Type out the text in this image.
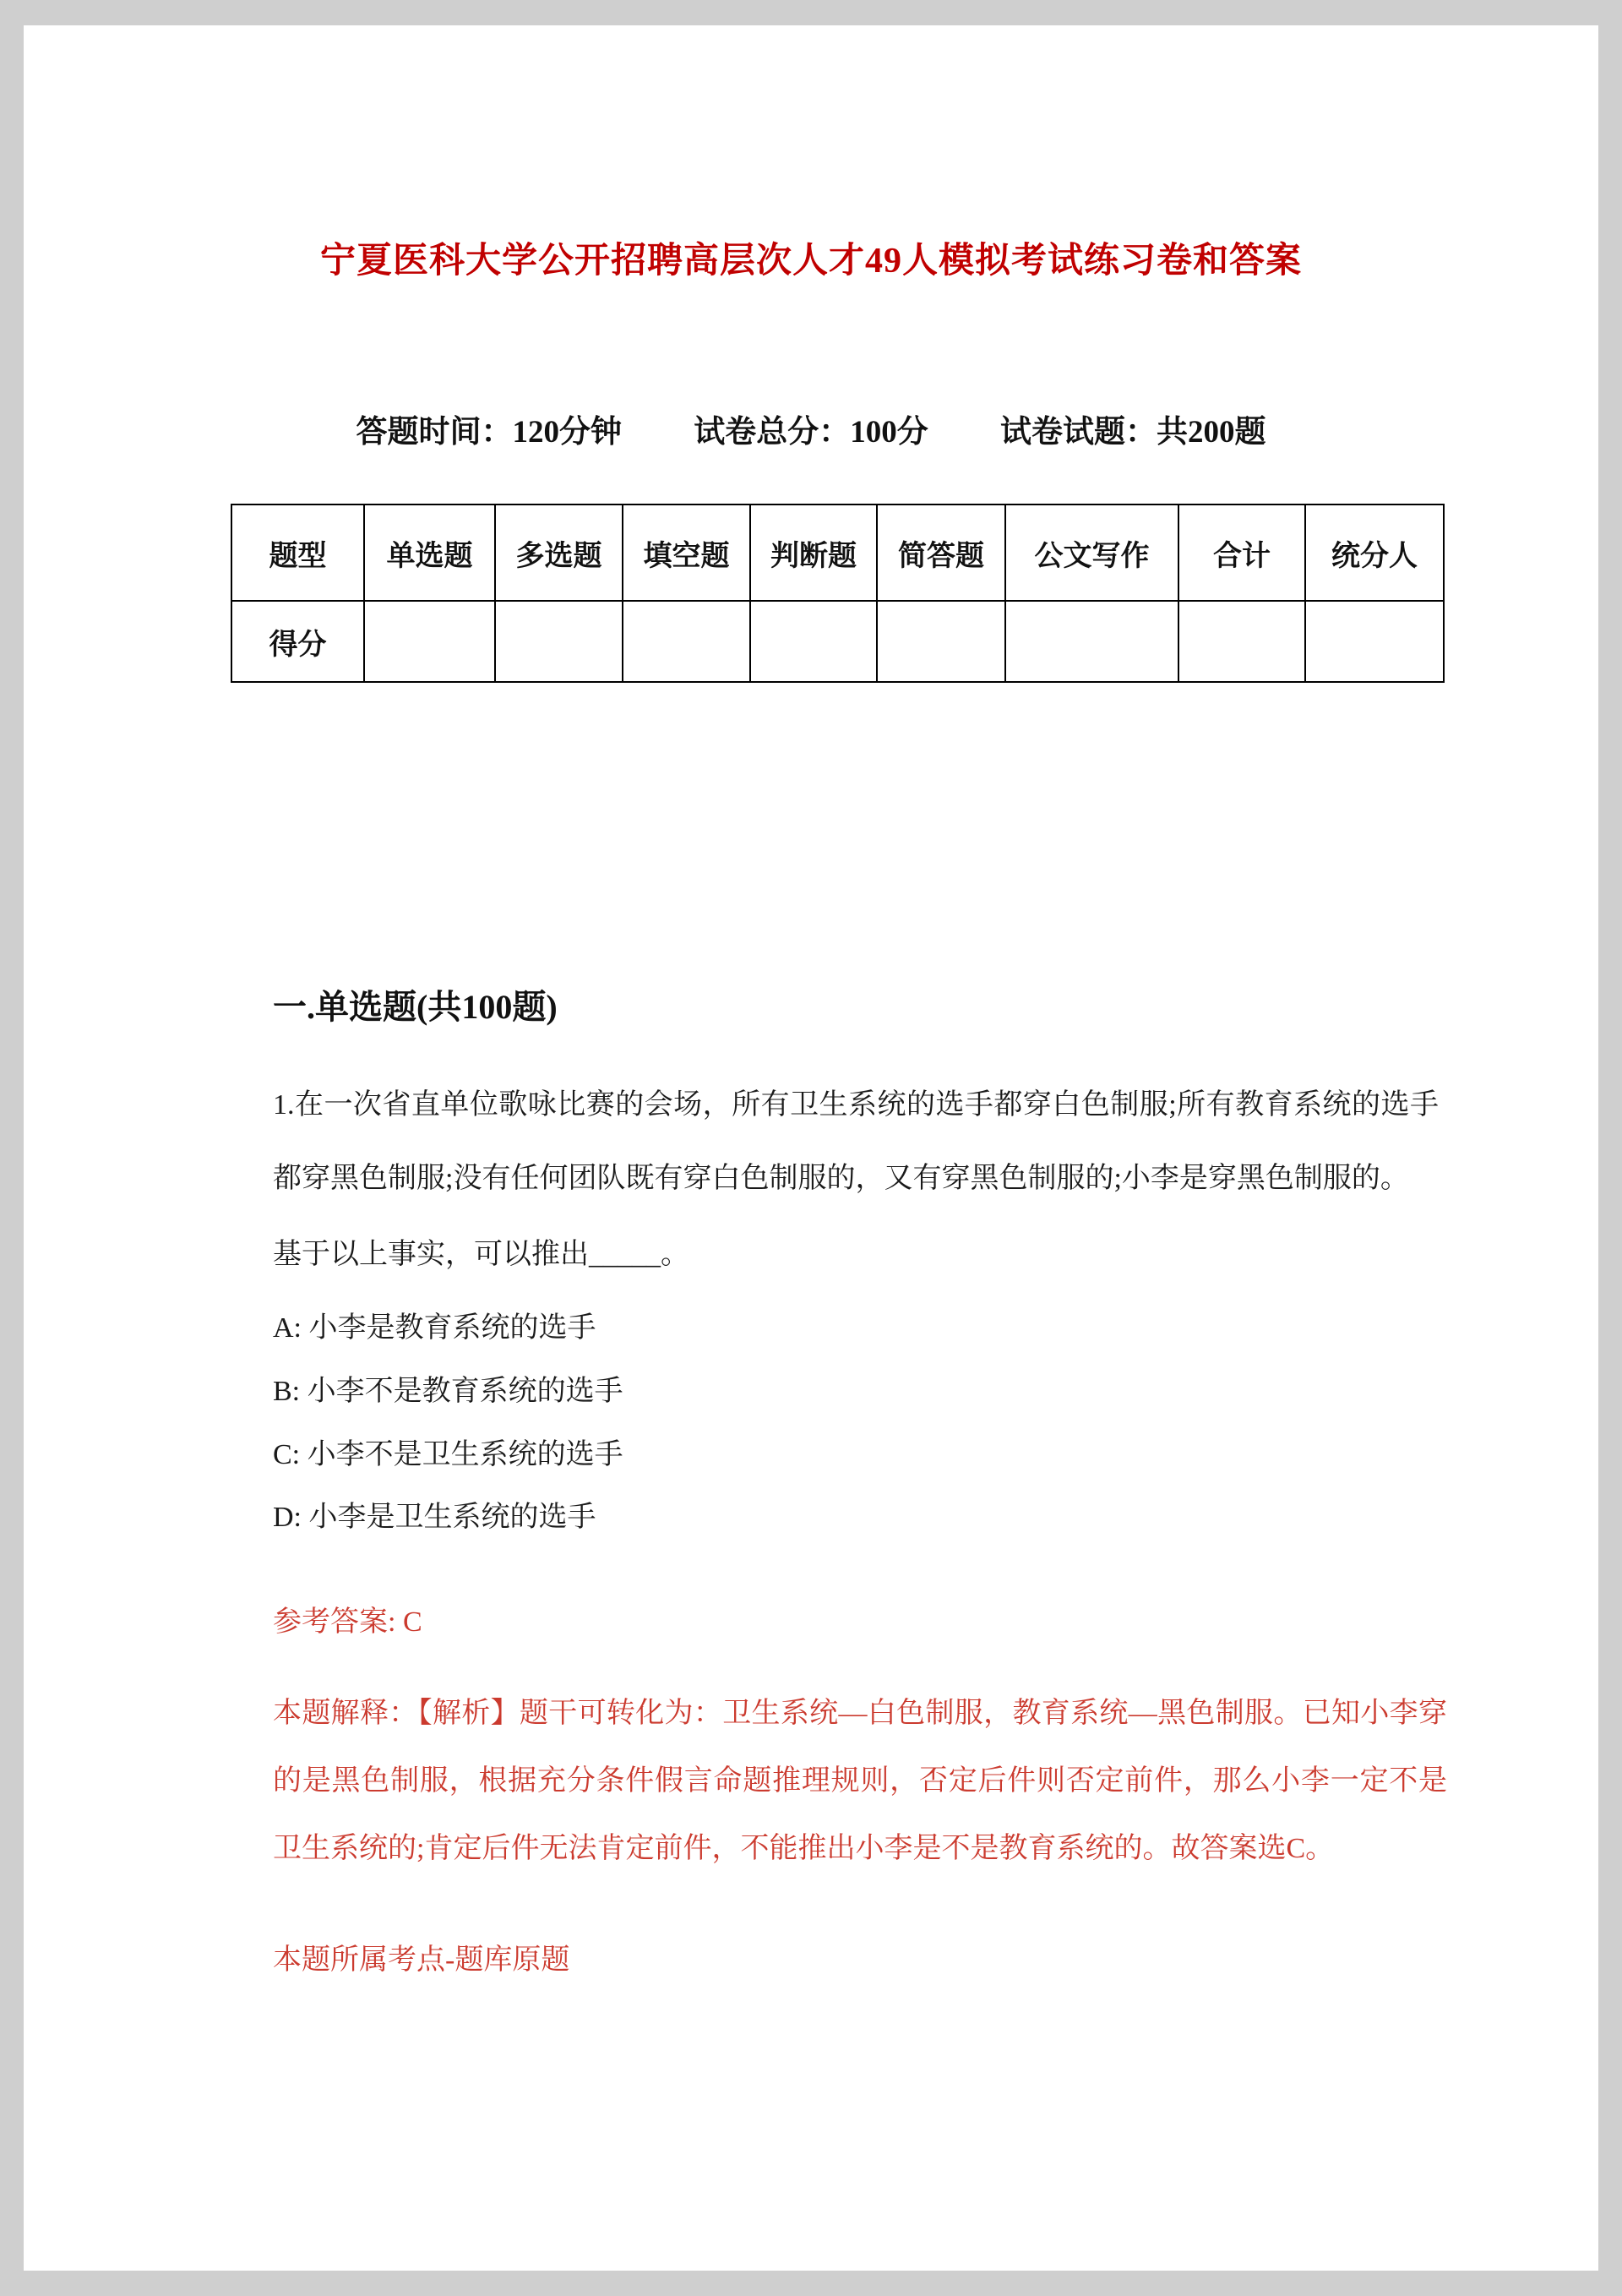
宁夏医科大学公开招聘高层次人才49人模拟考试练习卷和答案
答题时间：120分钟 试卷总分：100分 试卷试题：共200题
题型	单选题	多选题	填空题	判断题	简答题	公文写作	合计	统分人
得分								
一.单选题(共100题)
1.在一次省直单位歌咏比赛的会场，所有卫生系统的选手都穿白色制服;所有教育系统的选手都穿黑色制服;没有任何团队既有穿白色制服的，又有穿黑色制服的;小李是穿黑色制服的。
基于以上事实，可以推出_____。
A: 小李是教育系统的选手
B: 小李不是教育系统的选手
C: 小李不是卫生系统的选手
D: 小李是卫生系统的选手
参考答案: C
本题解释：【解析】题干可转化为：卫生系统—白色制服，教育系统—黑色制服。已知小李穿的是黑色制服，根据充分条件假言命题推理规则，否定后件则否定前件，那么小李一定不是卫生系统的;肯定后件无法肯定前件，不能推出小李是不是教育系统的。故答案选C。
本题所属考点-题库原题
